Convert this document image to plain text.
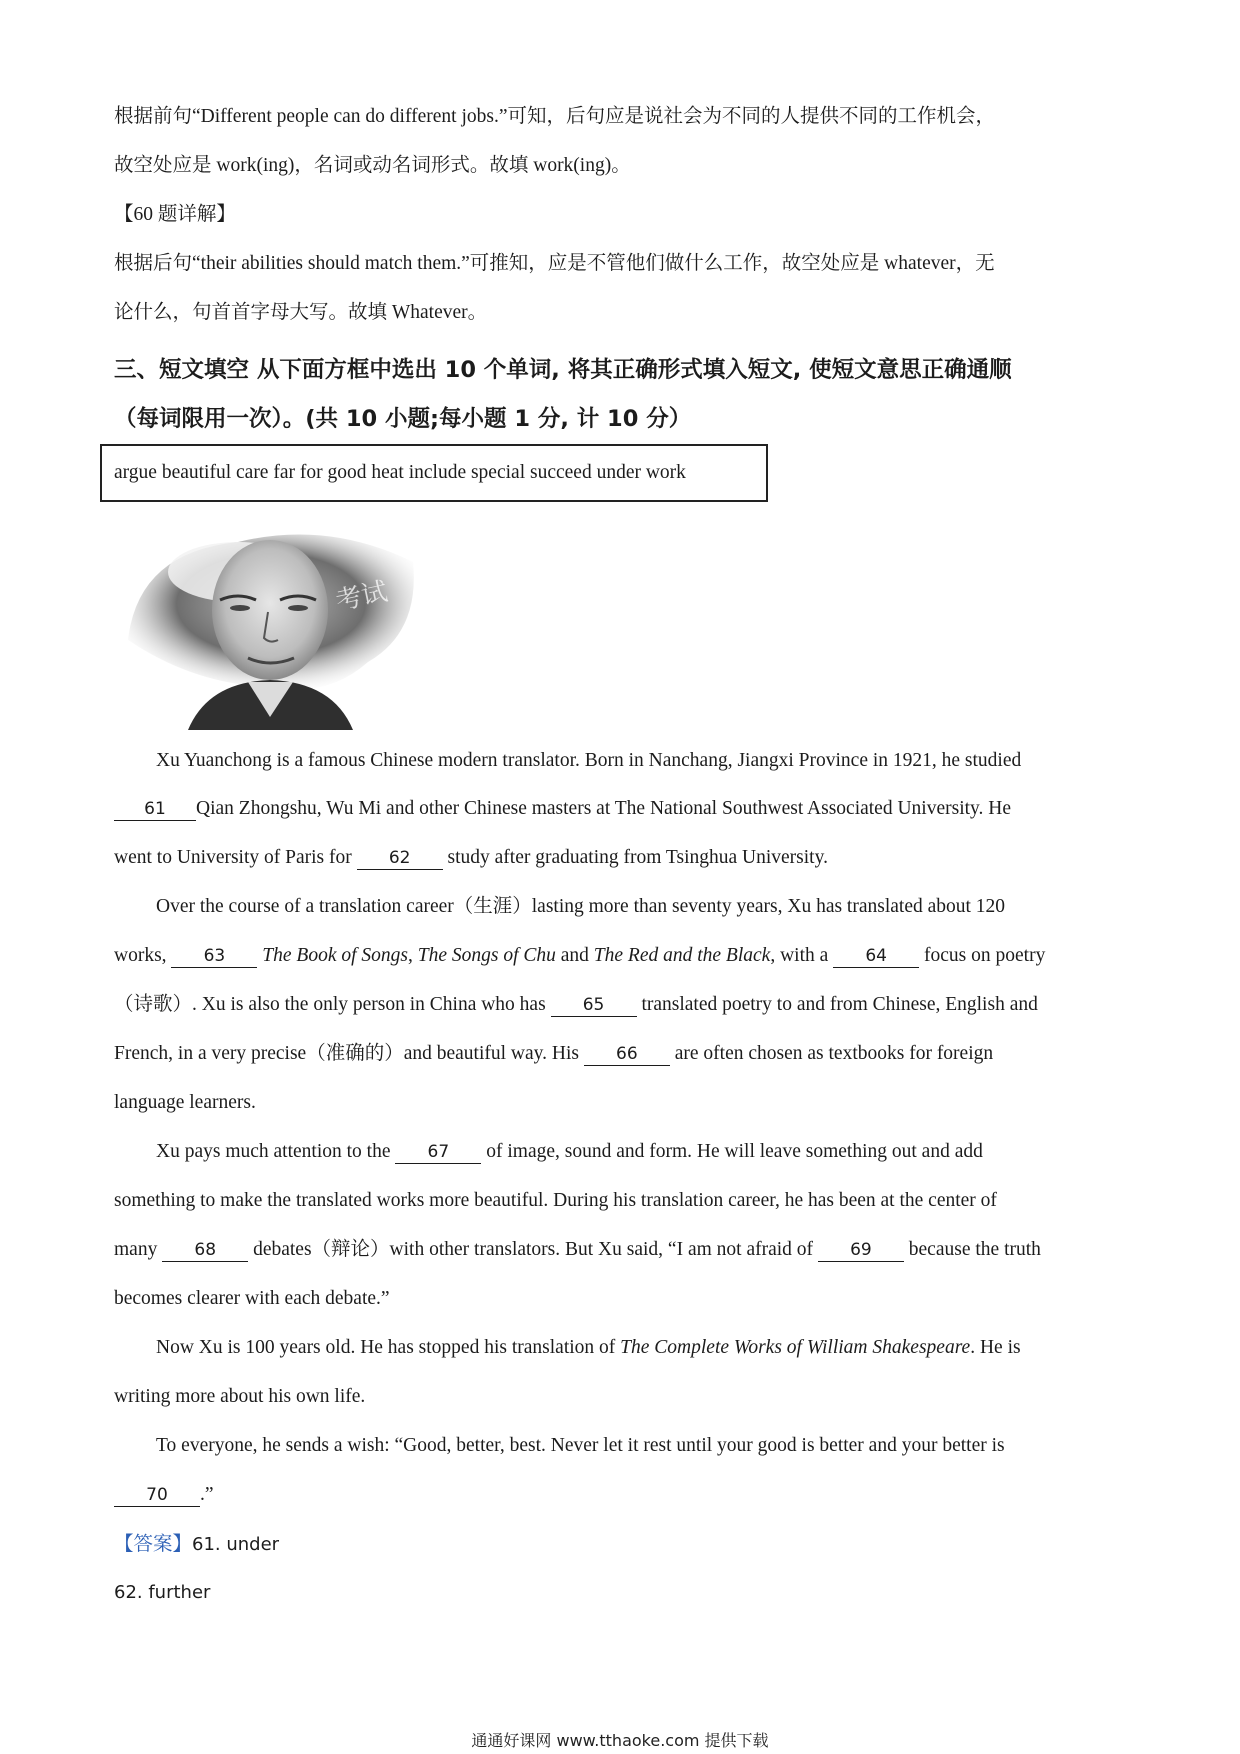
根据前句“Different people can do different jobs.”可知，后句应是说社会为不同的人提供不同的工作机会，
故空处应是 work(ing)，名词或动名词形式。故填 work(ing)。
【60 题详解】
根据后句“their abilities should match them.”可推知，应是不管他们做什么工作，故空处应是 whatever，无
论什么，句首首字母大写。故填 Whatever。
三、短文填空 从下面方框中选出 10 个单词, 将其正确形式填入短文, 使短文意思正确通顺
（每词限用一次）。(共 10 小题;每小题 1 分, 计 10 分）
argue beautiful care far for good heat include special succeed under work
考试
Xu Yuanchong is a famous Chinese modern translator. Born in Nanchang, Jiangxi Province in 1921, he studied
61 Qian Zhongshu, Wu Mi and other Chinese masters at The National Southwest Associated University. He
went to University of Paris for 62 study after graduating from Tsinghua University.
Over the course of a translation career（生涯）lasting more than seventy years, Xu has translated about 120
works, 63 The Book of Songs, The Songs of Chu and The Red and the Black, with a 64 focus on poetry
（诗歌）. Xu is also the only person in China who has 65 translated poetry to and from Chinese, English and
French, in a very precise（准确的）and beautiful way. His 66 are often chosen as textbooks for foreign
language learners.
Xu pays much attention to the 67 of image, sound and form. He will leave something out and add
something to make the translated works more beautiful. During his translation career, he has been at the center of
many 68 debates（辩论）with other translators. But Xu said, “I am not afraid of 69 because the truth
becomes clearer with each debate.”
Now Xu is 100 years old. He has stopped his translation of The Complete Works of William Shakespeare. He is
writing more about his own life.
To everyone, he sends a wish: “Good, better, best. Never let it rest until your good is better and your better is
70 .”
【答案】61. under
62. further
通通好课网 www.tthaoke.com 提供下载
